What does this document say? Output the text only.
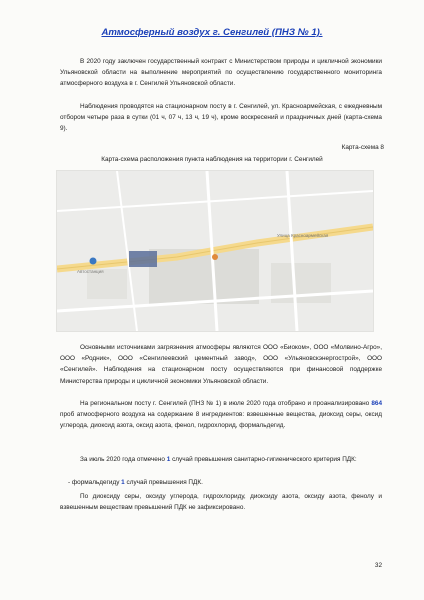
Атмосферный воздух г. Сенгилей (ПНЗ № 1).

В 2020 году заключен государственный контракт с Министерством природы и цикличной экономики Ульяновской области на выполнение мероприятий по осуществлению государственного мониторинга атмосферного воздуха в г. Сенгилей Ульяновской области.

Наблюдения проводятся на стационарном посту в г. Сенгилей, ул. Красноармейская, с ежедневным отбором четыре раза в сутки (01 ч, 07 ч, 13 ч, 19 ч), кроме воскресений и праздничных дней (карта-схема 9).

Карта-схема 8
Карта-схема расположения пункта наблюдения на территории г. Сенгилей
Улица Красноармейская
Автостанция

Основными источниками загрязнения атмосферы являются ООО «Биоком», ООО «Молвино-Агро», ООО «Родник», ООО «Сенгилеевский цементный завод», ООО «Ульяновскэнергострой», ООО «Сенгилей». Наблюдения на стационарном посту осуществляются при финансовой поддержке Министерства природы и цикличной экономики Ульяновской области.

На региональном посту г. Сенгилей (ПНЗ № 1) в июле 2020 года отобрано и проанализировано 864 проб атмосферного воздуха на содержание 8 ингредиентов: взвешенные вещества, диоксид серы, оксид углерода, диоксид азота, оксид азота, фенол, гидрохлорид, формальдегид.

За июль 2020 года отмечено 1 случай превышения санитарно-гигиенического критерия ПДК:

- формальдегиду 1 случай превышения ПДК.

По диоксиду серы, оксиду углерода, гидрохлориду, диоксиду азота, оксиду азота, фенолу и взвешенным веществам превышений ПДК не зафиксировано.

32
